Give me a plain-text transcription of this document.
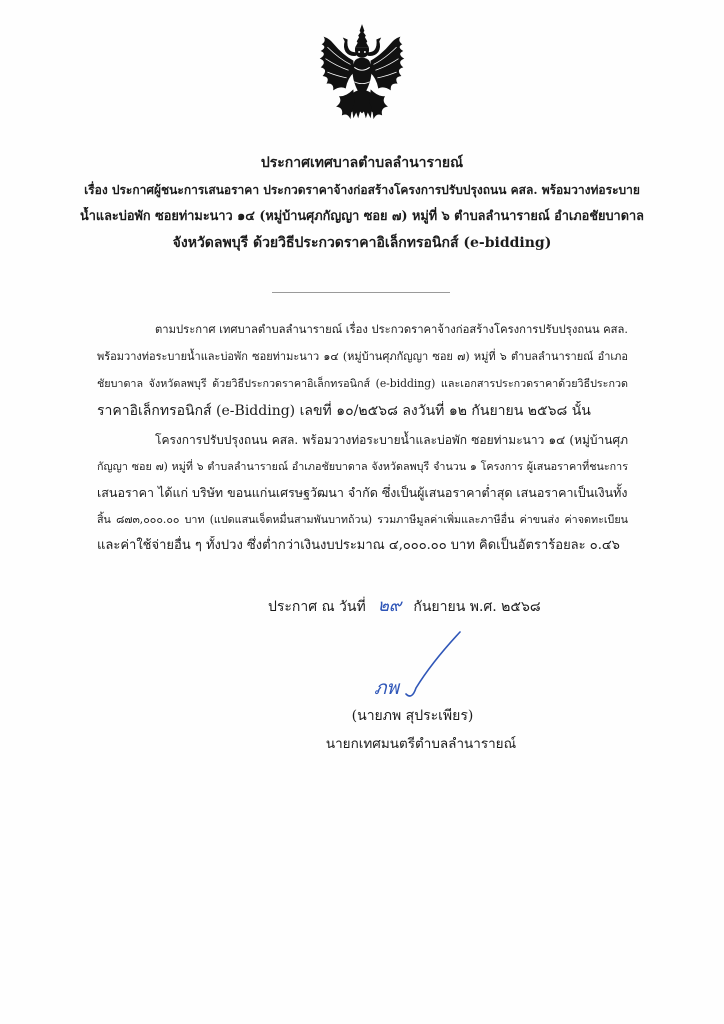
ประกาศเทศบาลตำบลลำนารายณ์
เรื่อง ประกาศผู้ชนะการเสนอราคา ประกวดราคาจ้างก่อสร้างโครงการปรับปรุงถนน คสล. พร้อมวางท่อระบาย
น้ำและบ่อพัก ซอยท่ามะนาว ๑๔ (หมู่บ้านศุภกัญญา ซอย ๗) หมู่ที่ ๖ ตำบลลำนารายณ์ อำเภอชัยบาดาล
จังหวัดลพบุรี ด้วยวิธีประกวดราคาอิเล็กทรอนิกส์ (e-bidding)
ตามประกาศ เทศบาลตำบลลำนารายณ์ เรื่อง ประกวดราคาจ้างก่อสร้างโครงการปรับปรุงถนน คสล.
พร้อมวางท่อระบายน้ำและบ่อพัก ซอยท่ามะนาว ๑๔ (หมู่บ้านศุภกัญญา ซอย ๗) หมู่ที่ ๖ ตำบลลำนารายณ์ อำเภอ
ชัยบาดาล จังหวัดลพบุรี ด้วยวิธีประกวดราคาอิเล็กทรอนิกส์ (e-bidding) และเอกสารประกวดราคาด้วยวิธีประกวด
ราคาอิเล็กทรอนิกส์ (e-Bidding) เลขที่ ๑๐/๒๕๖๘ ลงวันที่ ๑๒ กันยายน ๒๕๖๘ นั้น
โครงการปรับปรุงถนน คสล. พร้อมวางท่อระบายน้ำและบ่อพัก ซอยท่ามะนาว ๑๔ (หมู่บ้านศุภ
กัญญา ซอย ๗) หมู่ที่ ๖ ตำบลลำนารายณ์ อำเภอชัยบาดาล จังหวัดลพบุรี จำนวน ๑ โครงการ ผู้เสนอราคาที่ชนะการ
เสนอราคา ได้แก่ บริษัท ขอนแก่นเศรษฐวัฒนา จำกัด ซึ่งเป็นผู้เสนอราคาต่ำสุด เสนอราคาเป็นเงินทั้ง
สิ้น ๘๗๓,๐๐๐.๐๐ บาท (แปดแสนเจ็ดหมื่นสามพันบาทถ้วน) รวมภาษีมูลค่าเพิ่มและภาษีอื่น ค่าขนส่ง ค่าจดทะเบียน
และค่าใช้จ่ายอื่น ๆ ทั้งปวง ซึ่งต่ำกว่าเงินงบประมาณ ๔,๐๐๐.๐๐ บาท คิดเป็นอัตราร้อยละ ๐.๔๖
ประกาศ ณ วันที่ ๒๙ กันยายน พ.ศ. ๒๕๖๘
ภพ
(นายภพ สุประเพียร)
นายกเทศมนตรีตำบลลำนารายณ์
